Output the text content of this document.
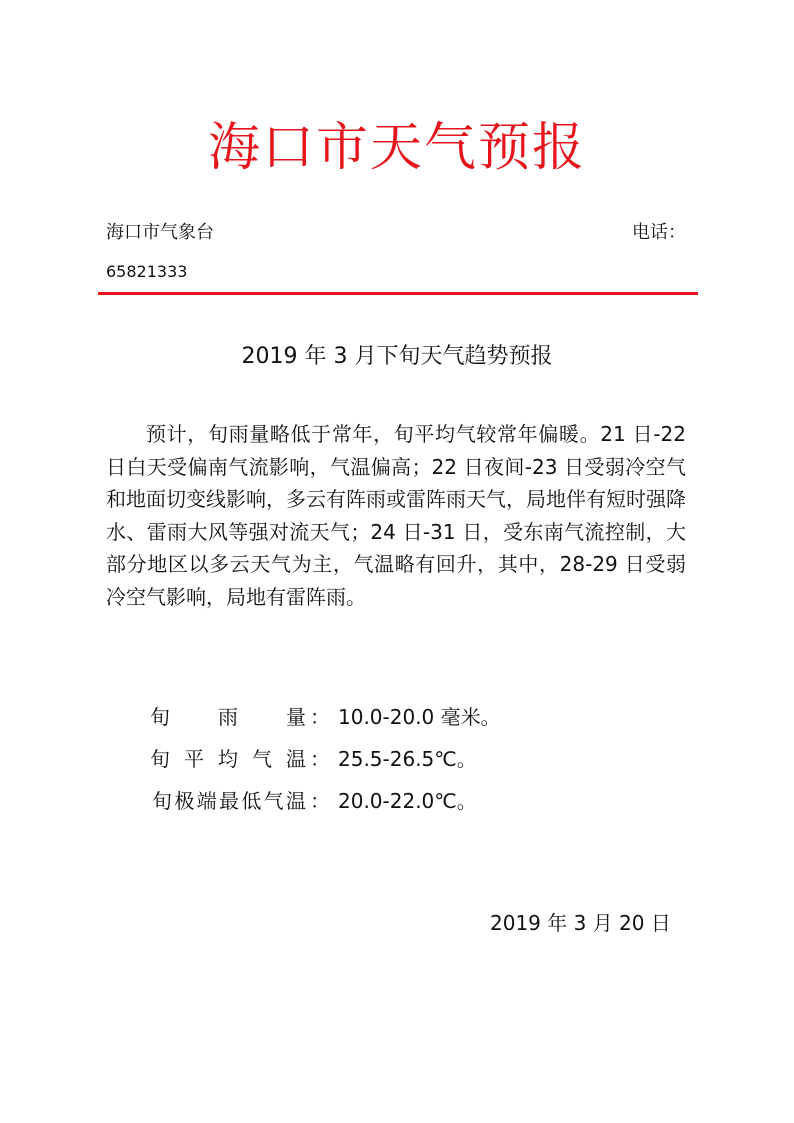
海口市天气预报
海口市气象台	电话：
65821333
2019 年 3 月下旬天气趋势预报
预计，旬雨量略低于常年，旬平均气较常年偏暖。21 日-22 日白天受偏南气流影响，气温偏高；22 日夜间-23 日受弱冷空气和地面切变线影响，多云有阵雨或雷阵雨天气，局地伴有短时强降水、雷雨大风等强对流天气；24 日-31 日，受东南气流控制，大部分地区以多云天气为主，气温略有回升，其中，28-29 日受弱冷空气影响，局地有雷阵雨。
旬 雨 量 ： 10.0-20.0 毫米。
旬 平 均 气 温 ： 25.5-26.5℃。
旬 极 端 最 低 气 温 ： 20.0-22.0℃。
2019 年 3 月 20 日
